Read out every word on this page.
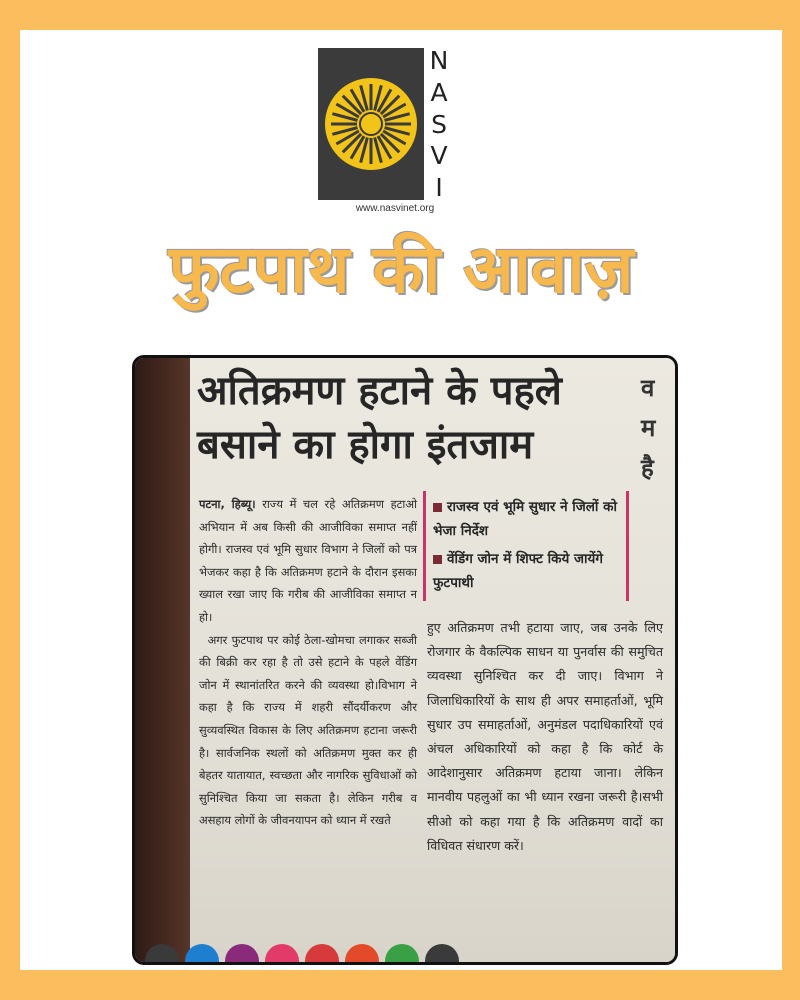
N
A
S
V
I
www.nasvinet.org
फुटपाथ की आवाज़
अतिक्रमण हटाने के पहले
बसाने का होगा इंतजाम
व
म
है
राजस्व एवं भूमि सुधार ने जिलों को भेजा निर्देश
वेंडिंग जोन में शिफ्ट किये जायेंगे फुटपाथी

पटना, हिब्यू। राज्य में चल रहे अतिक्रमण हटाओ अभियान में अब किसी की आजीविका समाप्त नहीं होगी। राजस्व एवं भूमि सुधार विभाग ने जिलों को पत्र भेजकर कहा है कि अतिक्रमण हटाने के दौरान इसका ख्याल रखा जाए कि गरीब की आजीविका समाप्त न हो।

अगर फुटपाथ पर कोई ठेला-खोमचा लगाकर सब्जी की बिक्री कर रहा है तो उसे हटाने के पहले वेंडिंग जोन में स्थानांतरित करने की व्यवस्था हो।विभाग ने कहा है कि राज्य में शहरी सौंदर्यीकरण और सुव्यवस्थित विकास के लिए अतिक्रमण हटाना जरूरी है। सार्वजनिक स्थलों को अतिक्रमण मुक्त कर ही बेहतर यातायात, स्वच्छता और नागरिक सुविधाओं को सुनिश्चित किया जा सकता है। लेकिन गरीब व असहाय लोगों के जीवनयापन को ध्यान में रखते

हुए अतिक्रमण तभी हटाया जाए, जब उनके लिए रोजगार के वैकल्पिक साधन या पुनर्वास की समुचित व्यवस्था सुनिश्चित कर दी जाए। विभाग ने जिलाधिकारियों के साथ ही अपर समाहर्ताओं, भूमि सुधार उप समाहर्ताओं, अनुमंडल पदाधिकारियों एवं अंचल अधिकारियों को कहा है कि कोर्ट के आदेशानुसार अतिक्रमण हटाया जाना। लेकिन मानवीय पहलुओं का भी ध्यान रखना जरूरी है।सभी सीओ को कहा गया है कि अतिक्रमण वादों का विधिवत संधारण करें।
